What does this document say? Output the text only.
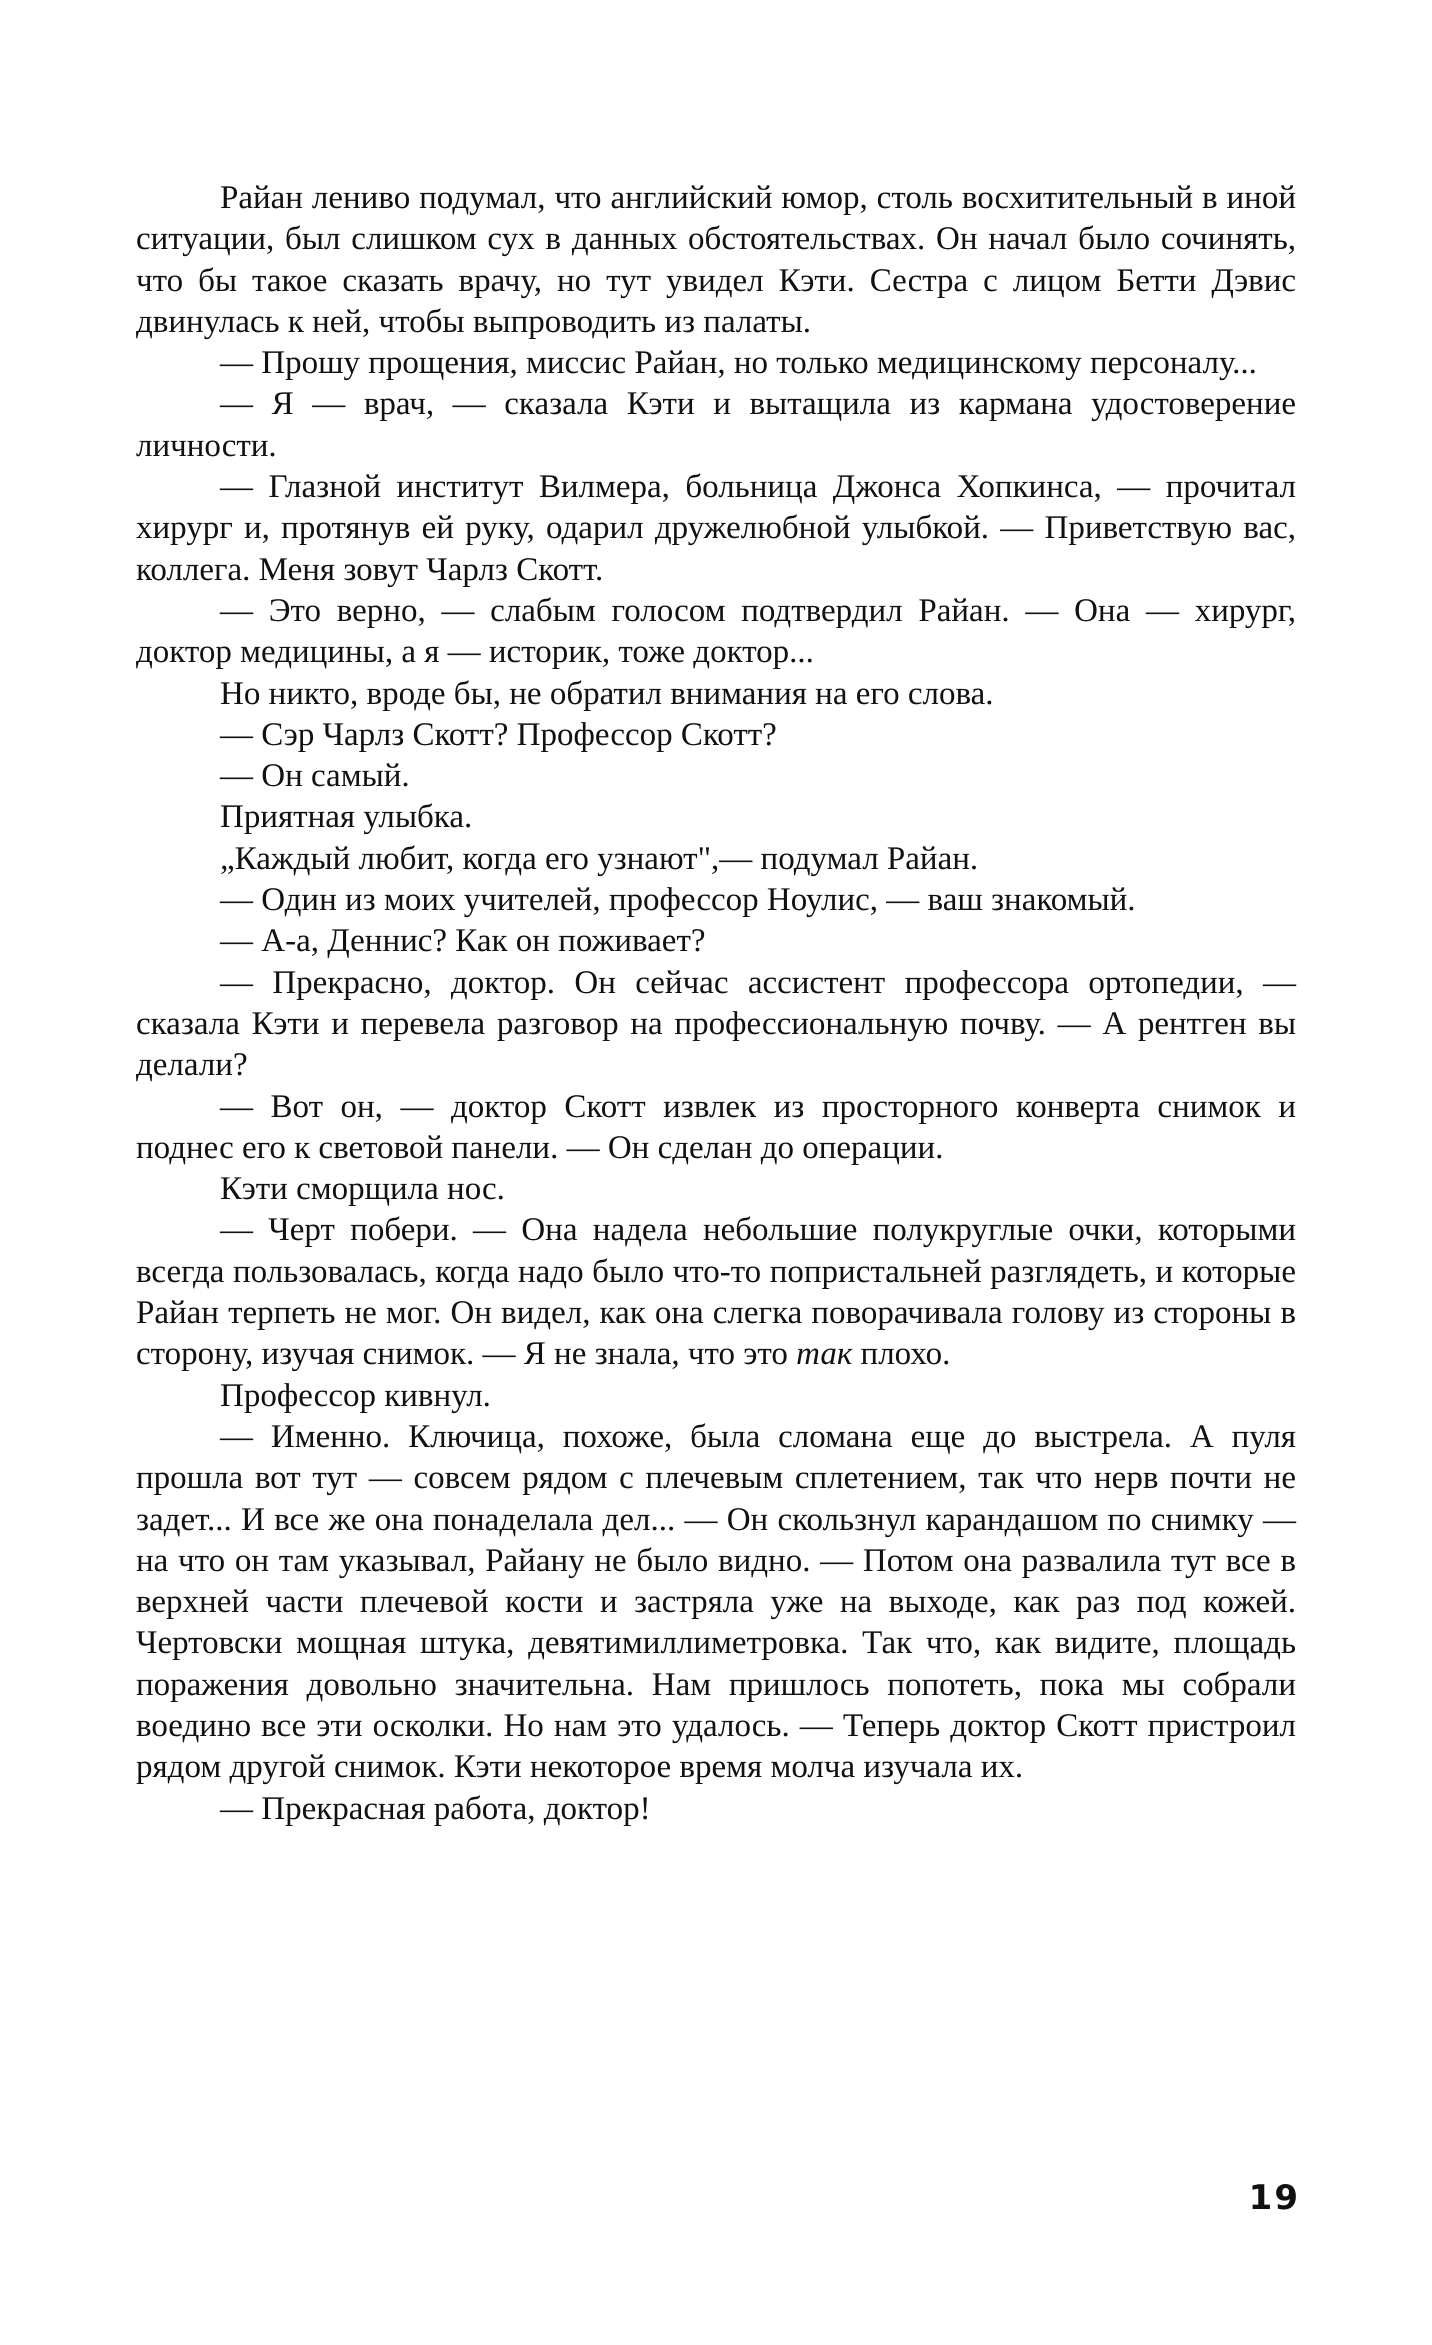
Райан лениво подумал, что английский юмор, столь восхитительный в иной ситуации, был слишком сух в данных обстоятельствах. Он начал было сочинять, что бы такое сказать врачу, но тут увидел Кэти. Сестра с лицом Бетти Дэвис двинулась к ней, чтобы выпроводить из палаты.

— Прошу прощения, миссис Райан, но только медицинскому персоналу...

— Я — врач, — сказала Кэти и вытащила из кармана удостоверение личности.

— Глазной институт Вилмера, больница Джонса Хопкинса, — прочитал хирург и, протянув ей руку, одарил дружелюбной улыбкой. — Приветствую вас, коллега. Меня зовут Чарлз Скотт.

— Это верно, — слабым голосом подтвердил Райан. — Она — хирург, доктор медицины, а я — историк, тоже доктор...

Но никто, вроде бы, не обратил внимания на его слова.

— Сэр Чарлз Скотт? Профессор Скотт?

— Он самый.

Приятная улыбка.

„Каждый любит, когда его узнают",— подумал Райан.

— Один из моих учителей, профессор Ноулис, — ваш знакомый.

— А-а, Деннис? Как он поживает?

— Прекрасно, доктор. Он сейчас ассистент профессора ортопедии, — сказала Кэти и перевела разговор на профессиональную почву. — А рентген вы делали?

— Вот он, — доктор Скотт извлек из просторного конверта снимок и поднес его к световой панели. — Он сделан до операции.

Кэти сморщила нос.

— Черт побери. — Она надела небольшие полукруглые очки, которыми всегда пользовалась, когда надо было что-то попристальней разглядеть, и которые Райан терпеть не мог. Он видел, как она слегка поворачивала голову из стороны в сторону, изучая снимок. — Я не знала, что это так плохо.

Профессор кивнул.

— Именно. Ключица, похоже, была сломана еще до выстрела. А пуля прошла вот тут — совсем рядом с плечевым сплетением, так что нерв почти не задет... И все же она понаделала дел... — Он скользнул карандашом по снимку — на что он там указывал, Райану не было видно. — Потом она развалила тут все в верхней части плечевой кости и застряла уже на выходе, как раз под кожей. Чертовски мощная штука, девятимиллиметровка. Так что, как видите, площадь поражения довольно значительна. Нам пришлось попотеть, пока мы собрали воедино все эти осколки. Но нам это удалось. — Теперь доктор Скотт пристроил рядом другой снимок. Кэти некоторое время молча изучала их.

— Прекрасная работа, доктор!

19
